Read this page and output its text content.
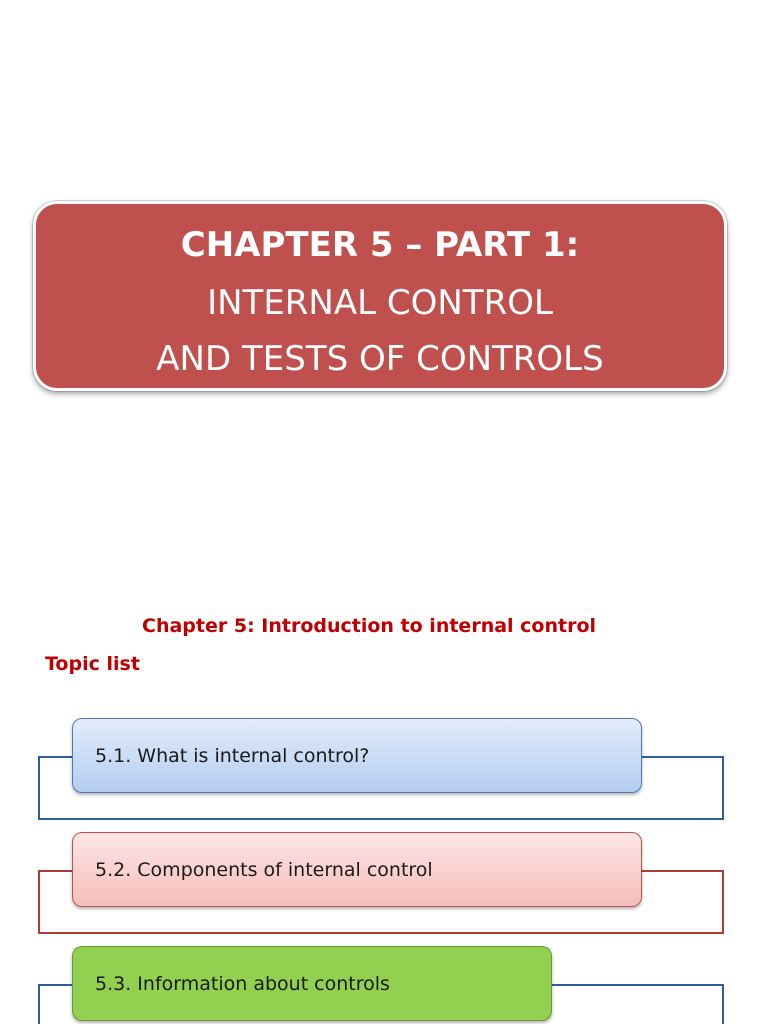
CHAPTER 5 – PART 1:
INTERNAL CONTROL
AND TESTS OF CONTROLS
Chapter 5: Introduction to internal control
Topic list
5.1. What is internal control?
5.2. Components of internal control
5.3. Information about controls
